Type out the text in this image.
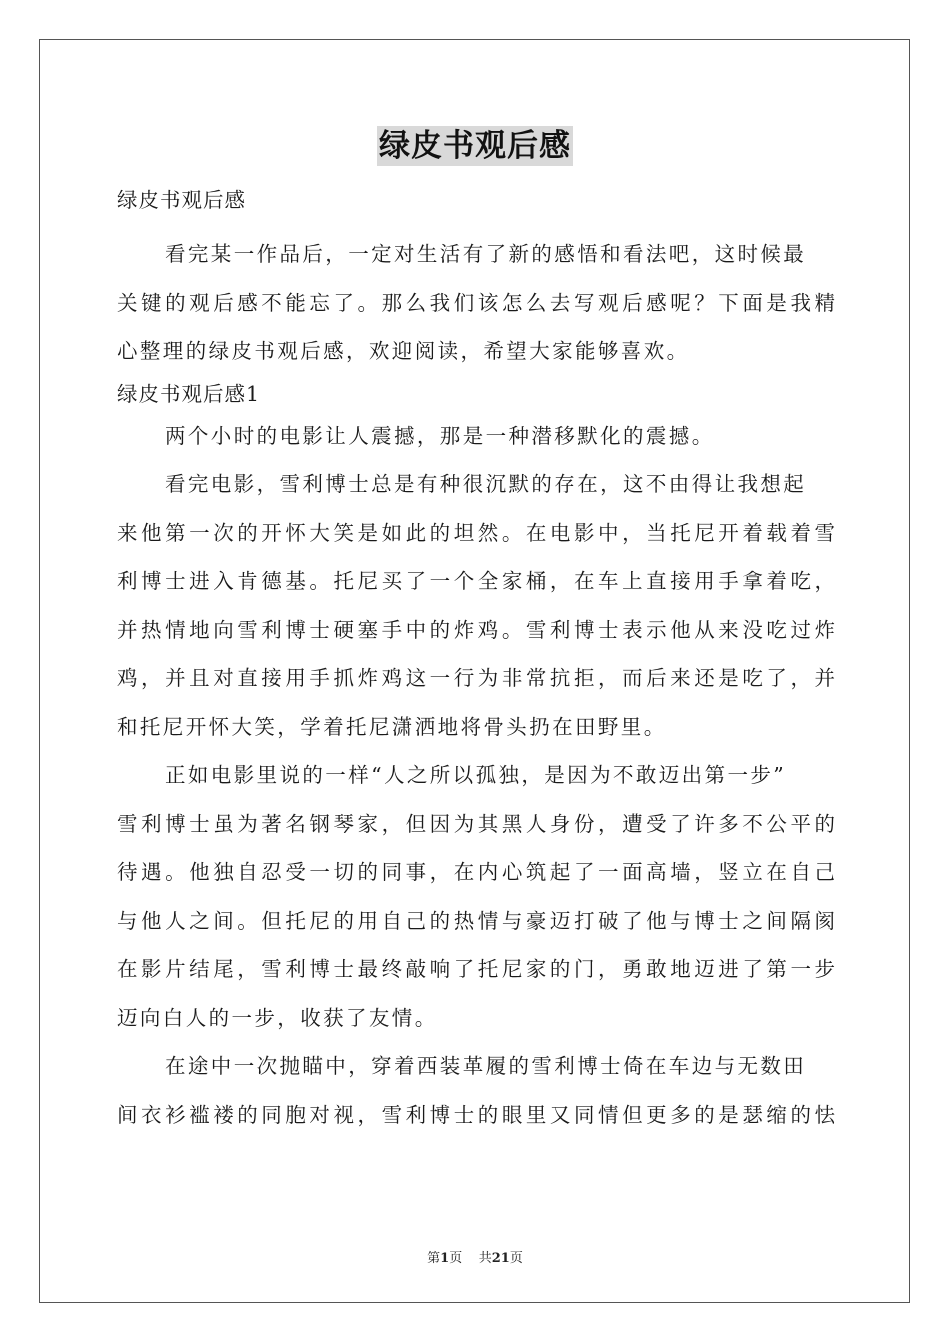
绿皮书观后感
绿皮书观后感
看完某一作品后，一定对生活有了新的感悟和看法吧，这时候最
关键的观后感不能忘了。那么我们该怎么去写观后感呢？下面是我精
心整理的绿皮书观后感，欢迎阅读，希望大家能够喜欢。
绿皮书观后感1
两个小时的电影让人震撼，那是一种潜移默化的震撼。
看完电影，雪利博士总是有种很沉默的存在，这不由得让我想起
来他第一次的开怀大笑是如此的坦然。在电影中，当托尼开着载着雪
利博士进入肯德基。托尼买了一个全家桶，在车上直接用手拿着吃，
并热情地向雪利博士硬塞手中的炸鸡。雪利博士表示他从来没吃过炸
鸡，并且对直接用手抓炸鸡这一行为非常抗拒，而后来还是吃了，并
和托尼开怀大笑，学着托尼潇洒地将骨头扔在田野里。
正如电影里说的一样“人之所以孤独，是因为不敢迈出第一步”
雪利博士虽为著名钢琴家，但因为其黑人身份，遭受了许多不公平的
待遇。他独自忍受一切的同事，在内心筑起了一面高墙，竖立在自己
与他人之间。但托尼的用自己的热情与豪迈打破了他与博士之间隔阂
在影片结尾，雪利博士最终敲响了托尼家的门，勇敢地迈进了第一步
迈向白人的一步，收获了友情。
在途中一次抛瞄中，穿着西装革履的雪利博士倚在车边与无数田
间衣衫褴褛的同胞对视，雪利博士的眼里又同情但更多的是瑟缩的怯
第1页 共21页
